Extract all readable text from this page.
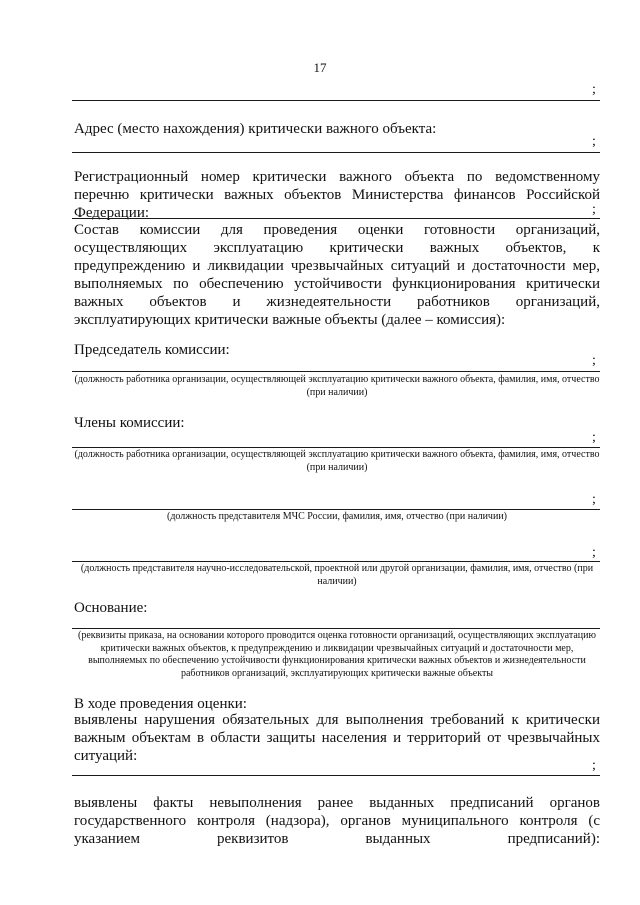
17
;
Адрес (место нахождения) критически важного объекта:
;
Регистрационный номер критически важного объекта по ведомственному перечню критически важных объектов Министерства финансов Российской Федерации:	;
Состав комиссии для проведения оценки готовности организаций, осуществляющих эксплуатацию критически важных объектов, к предупреждению и ликвидации чрезвычайных ситуаций и достаточности мер, выполняемых по обеспечению устойчивости функционирования критически важных объектов и жизнедеятельности работников организаций, эксплуатирующих критически важные объекты (далее – комиссия):
Председатель комиссии:
;
(должность работника организации, осуществляющей эксплуатацию критически важного объекта, фамилия, имя, отчество (при наличии)
Члены комиссии:
;
(должность работника организации, осуществляющей эксплуатацию критически важного объекта, фамилия, имя, отчество (при наличии)
;
(должность представителя МЧС России, фамилия, имя, отчество (при наличии)
;
(должность представителя научно-исследовательской, проектной или другой организации, фамилия, имя, отчество (при наличии)
Основание:
(реквизиты приказа, на основании которого проводится оценка готовности организаций, осуществляющих эксплуатацию критически важных объектов, к предупреждению и ликвидации чрезвычайных ситуаций и достаточности мер, выполняемых по обеспечению устойчивости функционирования критически важных объектов и жизнедеятельности работников организаций, эксплуатирующих критически важные объекты
В ходе проведения оценки:
выявлены нарушения обязательных для выполнения требований к критически важным объектам в области защиты населения и территорий от чрезвычайных ситуаций:
;
выявлены факты невыполнения ранее выданных предписаний органов государственного контроля (надзора), органов муниципального контроля (с указанием реквизитов выданных предписаний):
